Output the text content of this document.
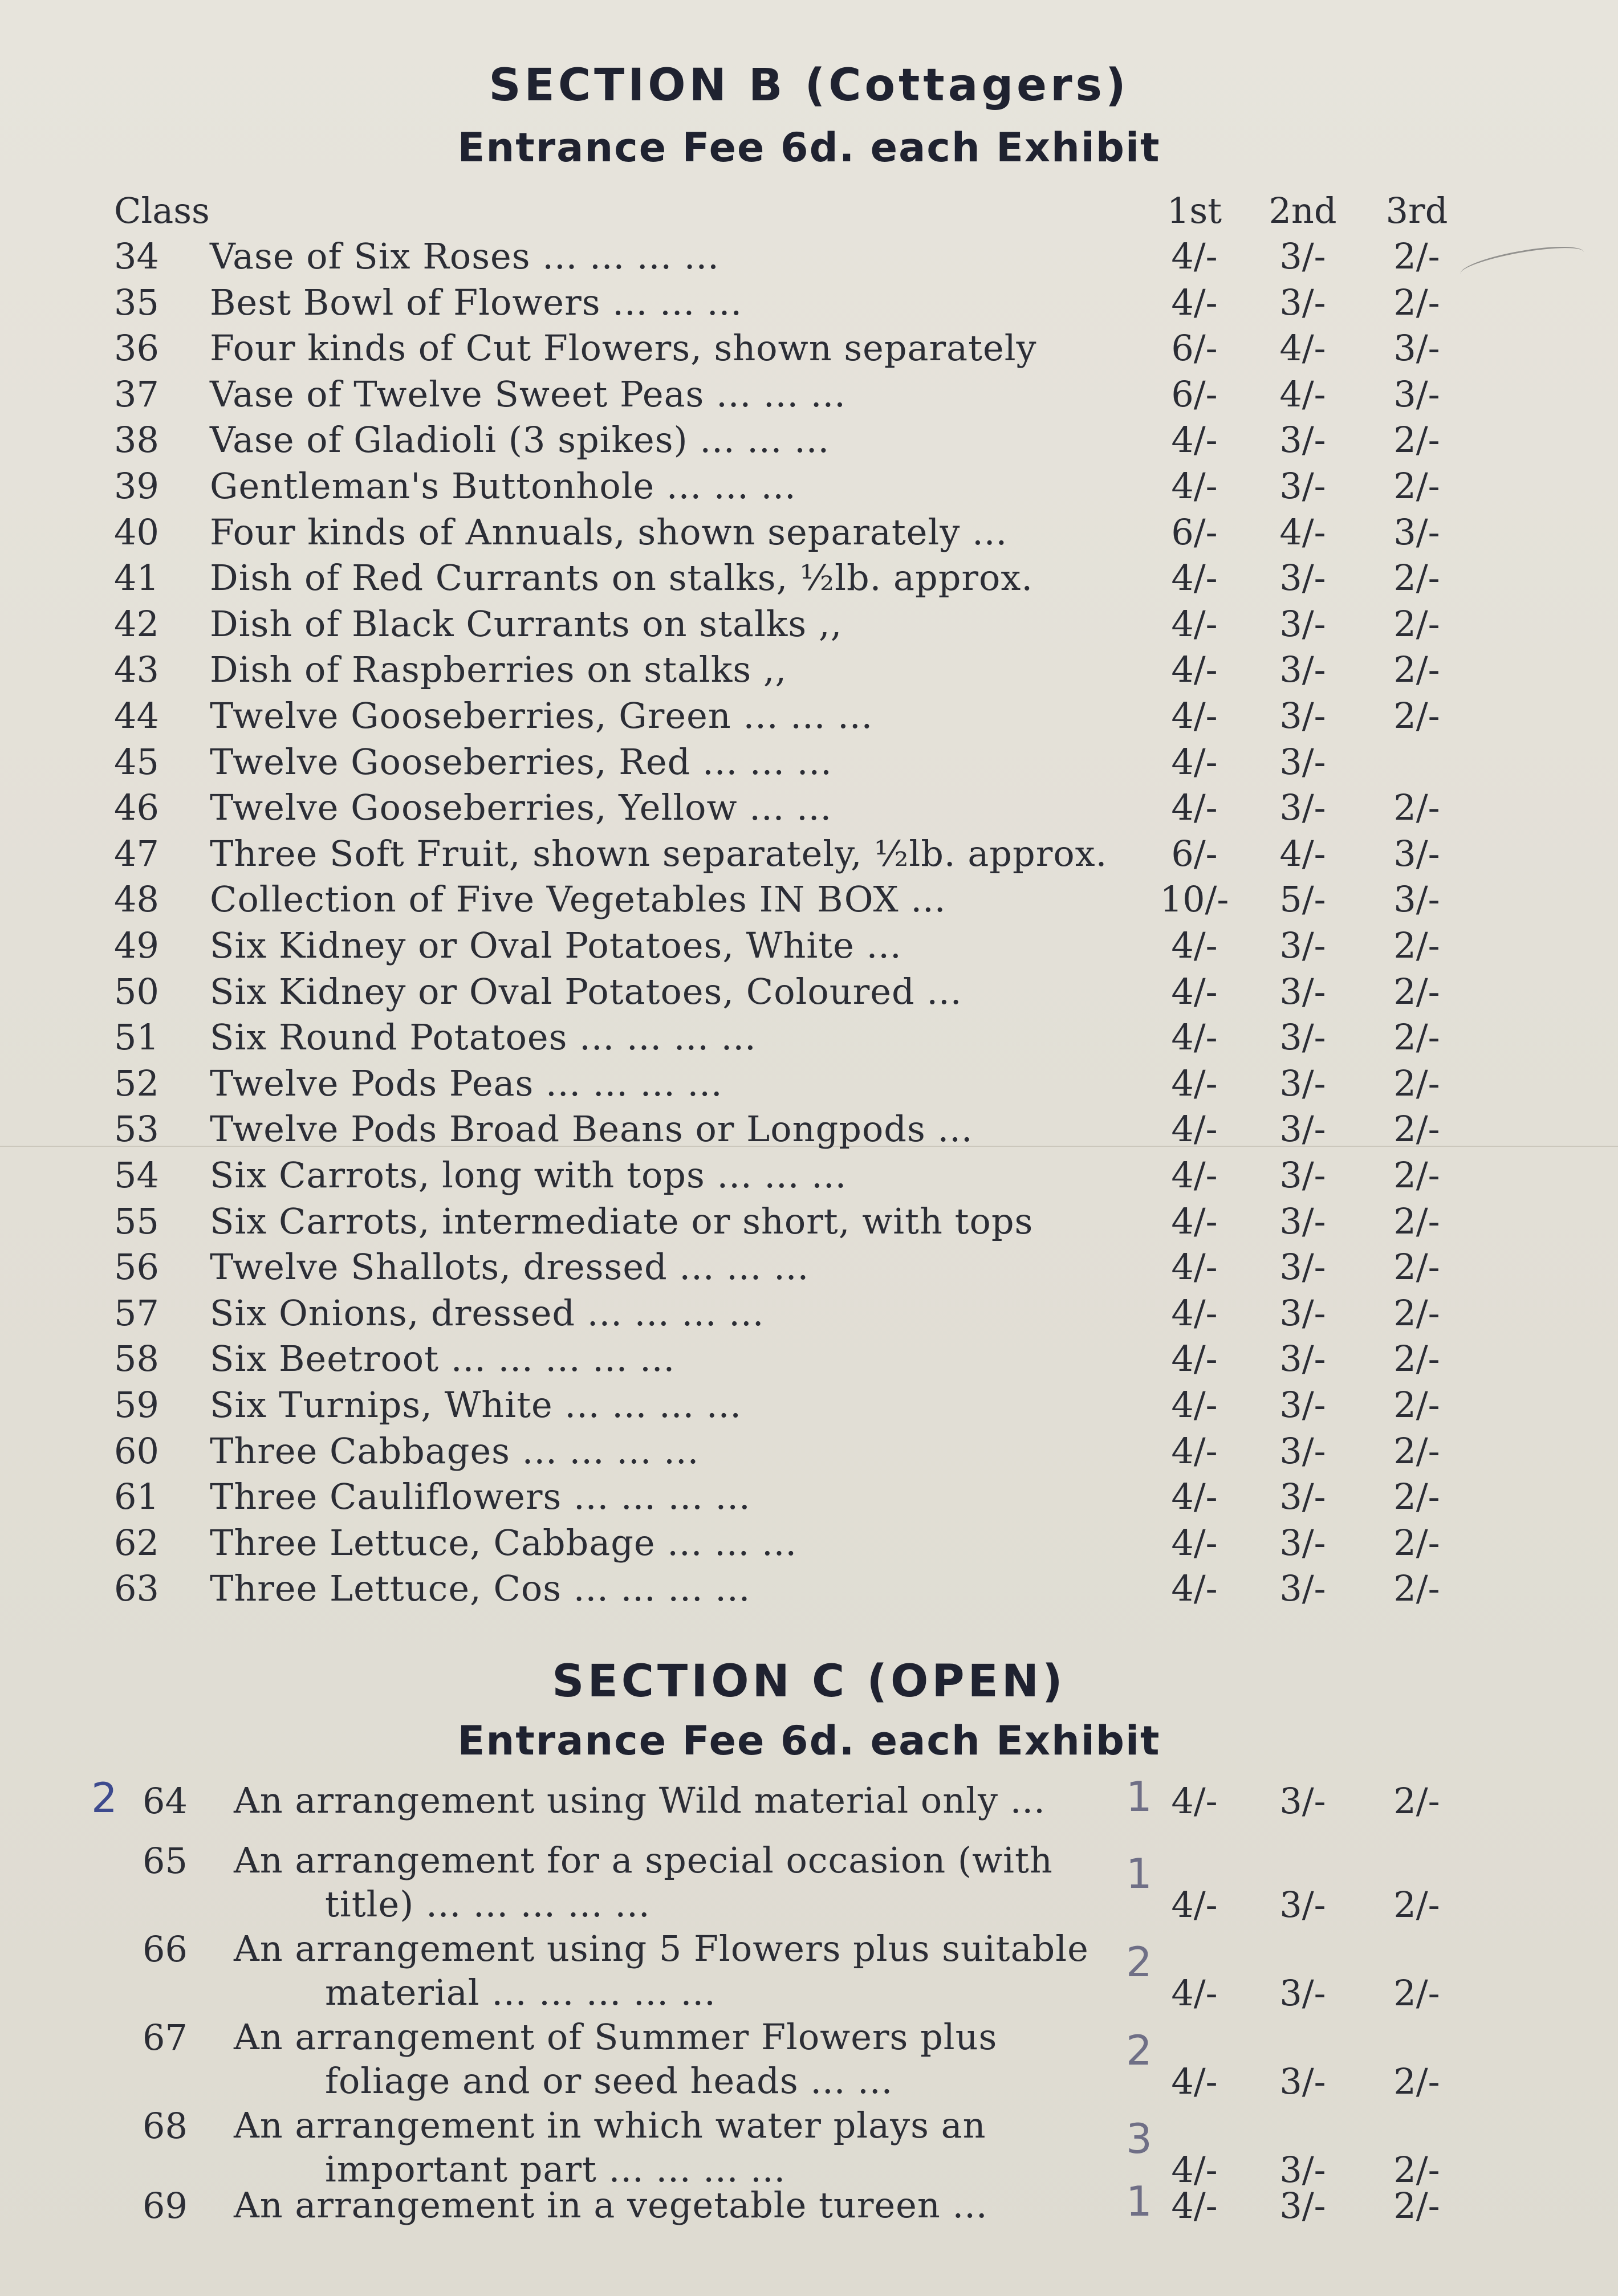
SECTION B (Cottagers)
Entrance Fee 6d. each Exhibit
Class	1st	2nd	3rd
34	Vase of Six Roses ... ... ... ...	4/-	3/-	2/-
35	Best Bowl of Flowers ... ... ...	4/-	3/-	2/-
36	Four kinds of Cut Flowers, shown separately	6/-	4/-	3/-
37	Vase of Twelve Sweet Peas ... ... ...	6/-	4/-	3/-
38	Vase of Gladioli (3 spikes) ... ... ...	4/-	3/-	2/-
39	Gentleman's Buttonhole ... ... ...	4/-	3/-	2/-
40	Four kinds of Annuals, shown separately ...	6/-	4/-	3/-
41	Dish of Red Currants on stalks, ½lb. approx.	4/-	3/-	2/-
42	Dish of Black Currants on stalks ,,	4/-	3/-	2/-
43	Dish of Raspberries on stalks ,,	4/-	3/-	2/-
44	Twelve Gooseberries, Green ... ... ...	4/-	3/-	2/-
45	Twelve Gooseberries, Red ... ... ...	4/-	3/-
46	Twelve Gooseberries, Yellow ... ...	4/-	3/-	2/-
47	Three Soft Fruit, shown separately, ½lb. approx.	6/-	4/-	3/-
48	Collection of Five Vegetables IN BOX ...	10/-	5/-	3/-
49	Six Kidney or Oval Potatoes, White ...	4/-	3/-	2/-
50	Six Kidney or Oval Potatoes, Coloured ...	4/-	3/-	2/-
51	Six Round Potatoes ... ... ... ...	4/-	3/-	2/-
52	Twelve Pods Peas ... ... ... ...	4/-	3/-	2/-
53	Twelve Pods Broad Beans or Longpods ...	4/-	3/-	2/-
54	Six Carrots, long with tops ... ... ...	4/-	3/-	2/-
55	Six Carrots, intermediate or short, with tops	4/-	3/-	2/-
56	Twelve Shallots, dressed ... ... ...	4/-	3/-	2/-
57	Six Onions, dressed ... ... ... ...	4/-	3/-	2/-
58	Six Beetroot ... ... ... ... ...	4/-	3/-	2/-
59	Six Turnips, White ... ... ... ...	4/-	3/-	2/-
60	Three Cabbages ... ... ... ...	4/-	3/-	2/-
61	Three Cauliflowers ... ... ... ...	4/-	3/-	2/-
62	Three Lettuce, Cabbage ... ... ...	4/-	3/-	2/-
63	Three Lettuce, Cos ... ... ... ...	4/-	3/-	2/-
SECTION C (OPEN)
Entrance Fee 6d. each Exhibit
64	An arrangement using Wild material only ...	4/-	3/-	2/-
1
2
65	An arrangement for a special occasion (with
title) ... ... ... ... ...	4/-	3/-	2/-
1
66	An arrangement using 5 Flowers plus suitable
material ... ... ... ... ...	4/-	3/-	2/-
2
67	An arrangement of Summer Flowers plus
foliage and or seed heads ... ...	4/-	3/-	2/-
2
68	An arrangement in which water plays an
important part ... ... ... ...	4/-	3/-	2/-
3
69	An arrangement in a vegetable tureen ...	4/-	3/-	2/-
1
